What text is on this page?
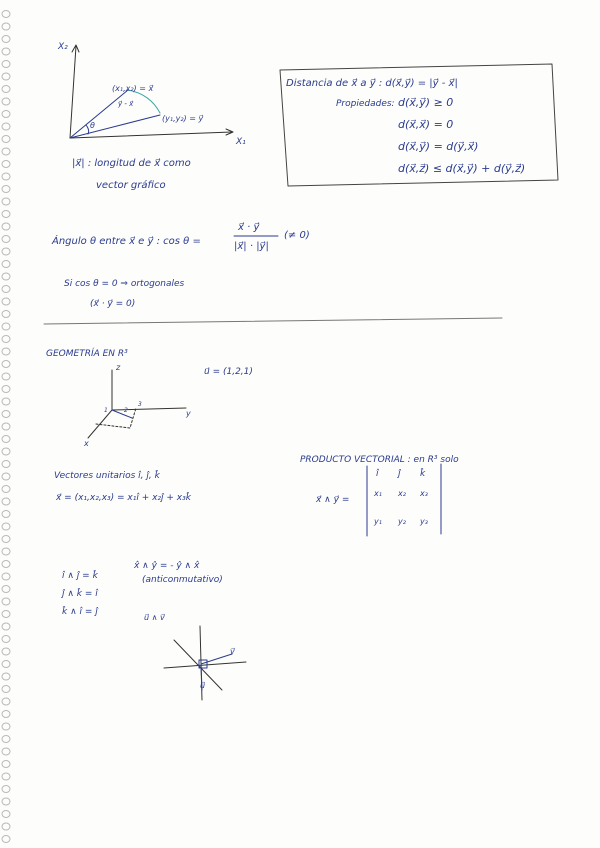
X₂
X₁
(x₁,x₂) = x⃗
y⃗ - x⃗
(y₁,y₂) = y⃗
θ
|x⃗| : longitud de x⃗ como
vector gráfico
Distancia de x⃗ a y⃗ : d(x⃗,y⃗) = |y⃗ - x⃗|
Propiedades: d(x⃗,y⃗) ≥ 0
d(x⃗,x⃗) = 0
d(x⃗,y⃗) = d(y⃗,x⃗)
d(x⃗,z⃗) ≤ d(x⃗,y⃗) + d(y⃗,z⃗)
Ángulo θ entre x⃗ e y⃗ : cos θ =
x⃗ · y⃗
|x⃗| · |y⃗|
(≠ 0)
Si cos θ = 0 ⇒ ortogonales
(x⃗ · y⃗ = 0)
GEOMETRÍA EN R³
z
y
x
1	2
3
u⃗ = (1,2,1)
Vectores unitarios î, ĵ, k̂
x⃗ = (x₁,x₂,x₃) = x₁î + x₂ĵ + x₃k̂
PRODUCTO VECTORIAL : en R³ solo
x⃗ ∧ y⃗ =
î ĵ k̂
x₁ x₂ x₃
y₁ y₂ y₃
î ∧ ĵ = k̂
ĵ ∧ k̂ = î
k̂ ∧ î = ĵ
x̂ ∧ ŷ = - ŷ ∧ x̂
(anticonmutativo)
u⃗ ∧ v⃗
v⃗
u⃗
